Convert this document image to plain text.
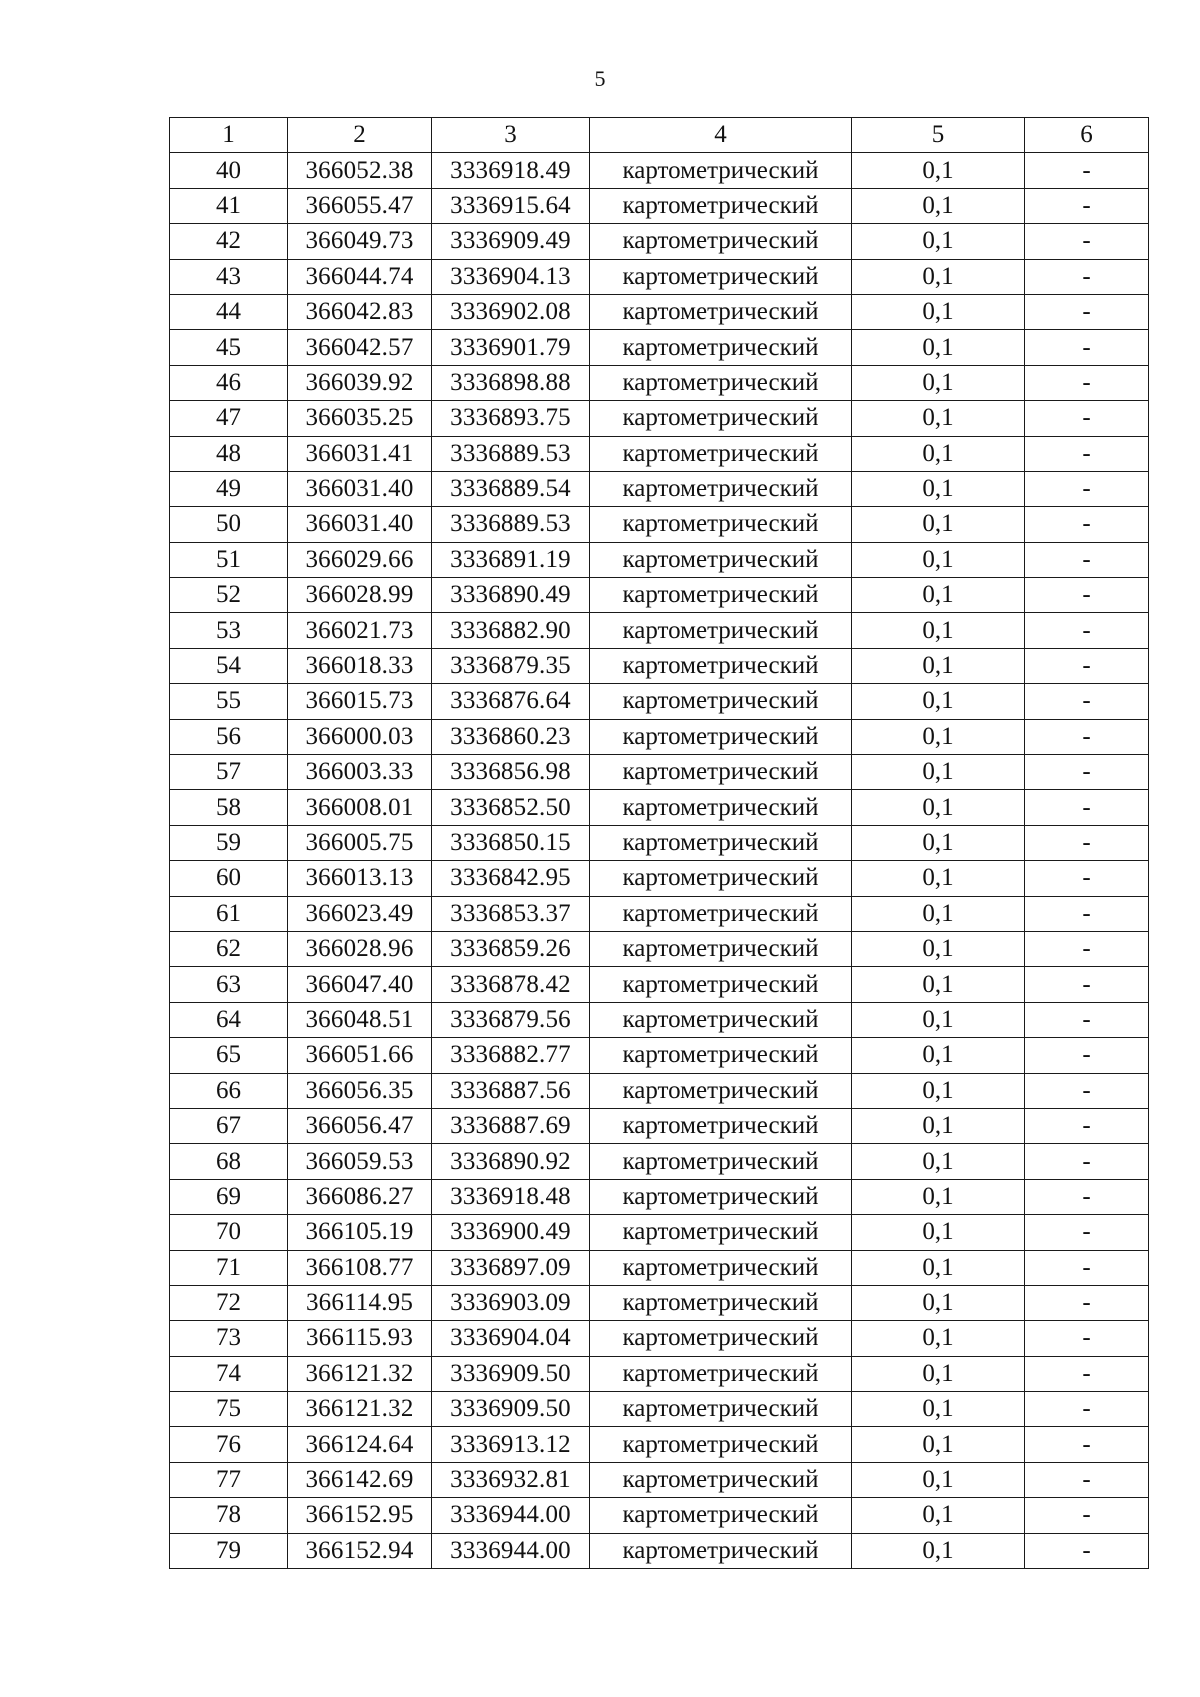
5
1	2	3	4	5	6
40	366052.38	3336918.49	картометрический	0,1	-
41	366055.47	3336915.64	картометрический	0,1	-
42	366049.73	3336909.49	картометрический	0,1	-
43	366044.74	3336904.13	картометрический	0,1	-
44	366042.83	3336902.08	картометрический	0,1	-
45	366042.57	3336901.79	картометрический	0,1	-
46	366039.92	3336898.88	картометрический	0,1	-
47	366035.25	3336893.75	картометрический	0,1	-
48	366031.41	3336889.53	картометрический	0,1	-
49	366031.40	3336889.54	картометрический	0,1	-
50	366031.40	3336889.53	картометрический	0,1	-
51	366029.66	3336891.19	картометрический	0,1	-
52	366028.99	3336890.49	картометрический	0,1	-
53	366021.73	3336882.90	картометрический	0,1	-
54	366018.33	3336879.35	картометрический	0,1	-
55	366015.73	3336876.64	картометрический	0,1	-
56	366000.03	3336860.23	картометрический	0,1	-
57	366003.33	3336856.98	картометрический	0,1	-
58	366008.01	3336852.50	картометрический	0,1	-
59	366005.75	3336850.15	картометрический	0,1	-
60	366013.13	3336842.95	картометрический	0,1	-
61	366023.49	3336853.37	картометрический	0,1	-
62	366028.96	3336859.26	картометрический	0,1	-
63	366047.40	3336878.42	картометрический	0,1	-
64	366048.51	3336879.56	картометрический	0,1	-
65	366051.66	3336882.77	картометрический	0,1	-
66	366056.35	3336887.56	картометрический	0,1	-
67	366056.47	3336887.69	картометрический	0,1	-
68	366059.53	3336890.92	картометрический	0,1	-
69	366086.27	3336918.48	картометрический	0,1	-
70	366105.19	3336900.49	картометрический	0,1	-
71	366108.77	3336897.09	картометрический	0,1	-
72	366114.95	3336903.09	картометрический	0,1	-
73	366115.93	3336904.04	картометрический	0,1	-
74	366121.32	3336909.50	картометрический	0,1	-
75	366121.32	3336909.50	картометрический	0,1	-
76	366124.64	3336913.12	картометрический	0,1	-
77	366142.69	3336932.81	картометрический	0,1	-
78	366152.95	3336944.00	картометрический	0,1	-
79	366152.94	3336944.00	картометрический	0,1	-
